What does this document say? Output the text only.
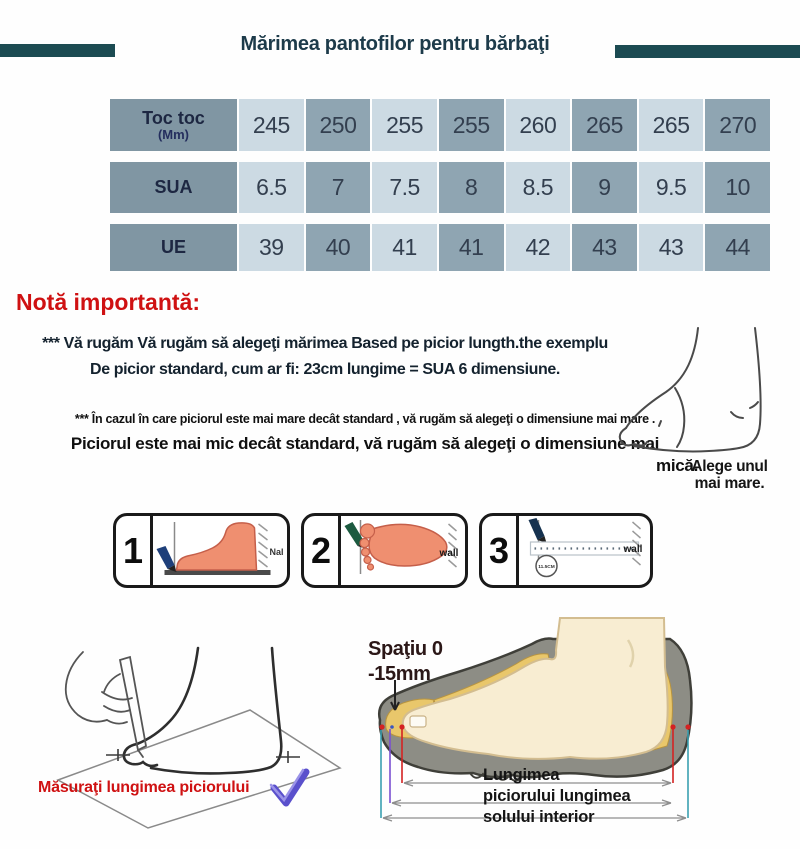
Mărimea pantofilor pentru bărbaţi
Toc toc
(Mm)	245	250	255	255	260	265	265	270
SUA	6.5	7	7.5	8	8.5	9	9.5	10
UE	39	40	41	41	42	43	43	44
Notă importantă:
*** Vă rugăm Vă rugăm să alegeţi mărimea Based pe picior lungth.the exemplu
De picior standard, cum ar fi: 23cm lungime = SUA 6 dimensiune.
*** În cazul în care piciorul este mai mare decât standard , vă rugăm să alegeţi o dimensiune mai mare .
Piciorul este mai mic decât standard, vă rugăm să alegeţi o dimensiune mai
mică.
Alege unul
mai mare.
1	Nal 2	wall 3	11.5CM
wall
Măsuraţi lungimea piciorului
Spaţiu 0
-15mm
Lungimea
piciorului lungimea
solului interior
